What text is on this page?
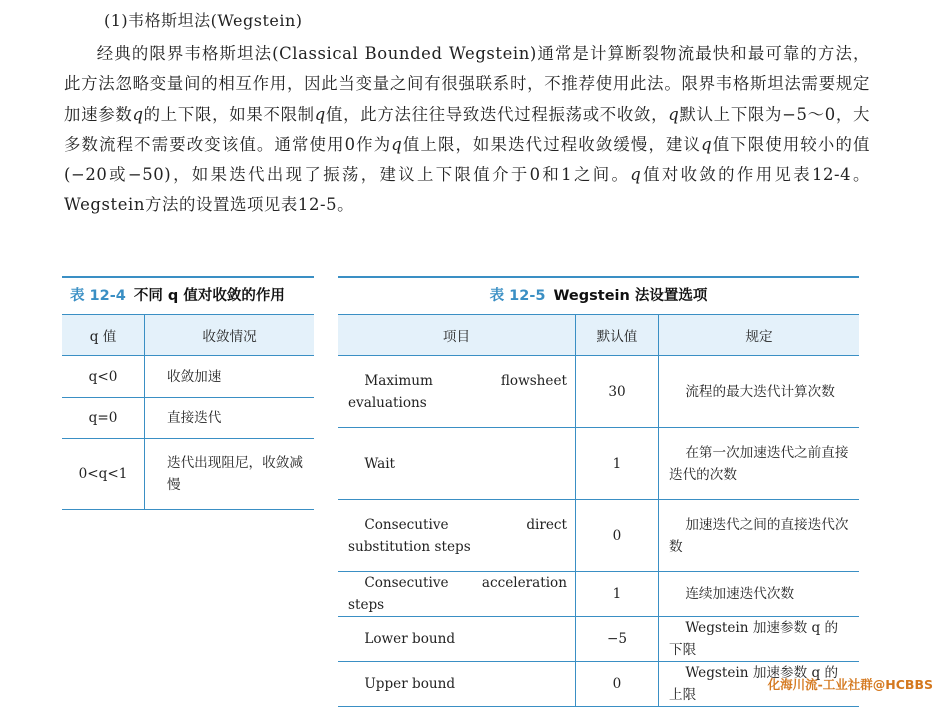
(1)韦格斯坦法(Wegstein)

经典的限界韦格斯坦法(Classical Bounded Wegstein)通常是计算断裂物流最快和最可靠的方法，此方法忽略变量间的相互作用，因此当变量之间有很强联系时，不推荐使用此法。限界韦格斯坦法需要规定加速参数q的上下限，如果不限制q值，此方法往往导致迭代过程振荡或不收敛，q默认上下限为−5～0，大多数流程不需要改变该值。通常使用0作为q值上限，如果迭代过程收敛缓慢，建议q值下限使用较小的值(−20或−50)，如果迭代出现了振荡，建议上下限值介于0和1之间。q值对收敛的作用见表12-4。Wegstein方法的设置选项见表12-5。

表 12-4 不同 q 值对收敛的作用
q 值	收敛情况
q<0	收敛加速
q=0	直接迭代
0<q<1	迭代出现阻尼，收敛减慢
表 12-5 Wegstein 法设置选项
项目	默认值	规定

Maximum flowsheet evaluations	30	流程的最大迭代计算次数

Wait	1	在第一次加速迭代之前直接迭代的次数

Consecutive direct substitution steps	0	加速迭代之间的直接迭代次数

Consecutive acceleration steps	1	连续加速迭代次数

Lower bound	−5	Wegstein 加速参数 q 的下限

Upper bound	0	Wegstein 加速参数 q 的上限
化海川流-工业社群@HCBBS
